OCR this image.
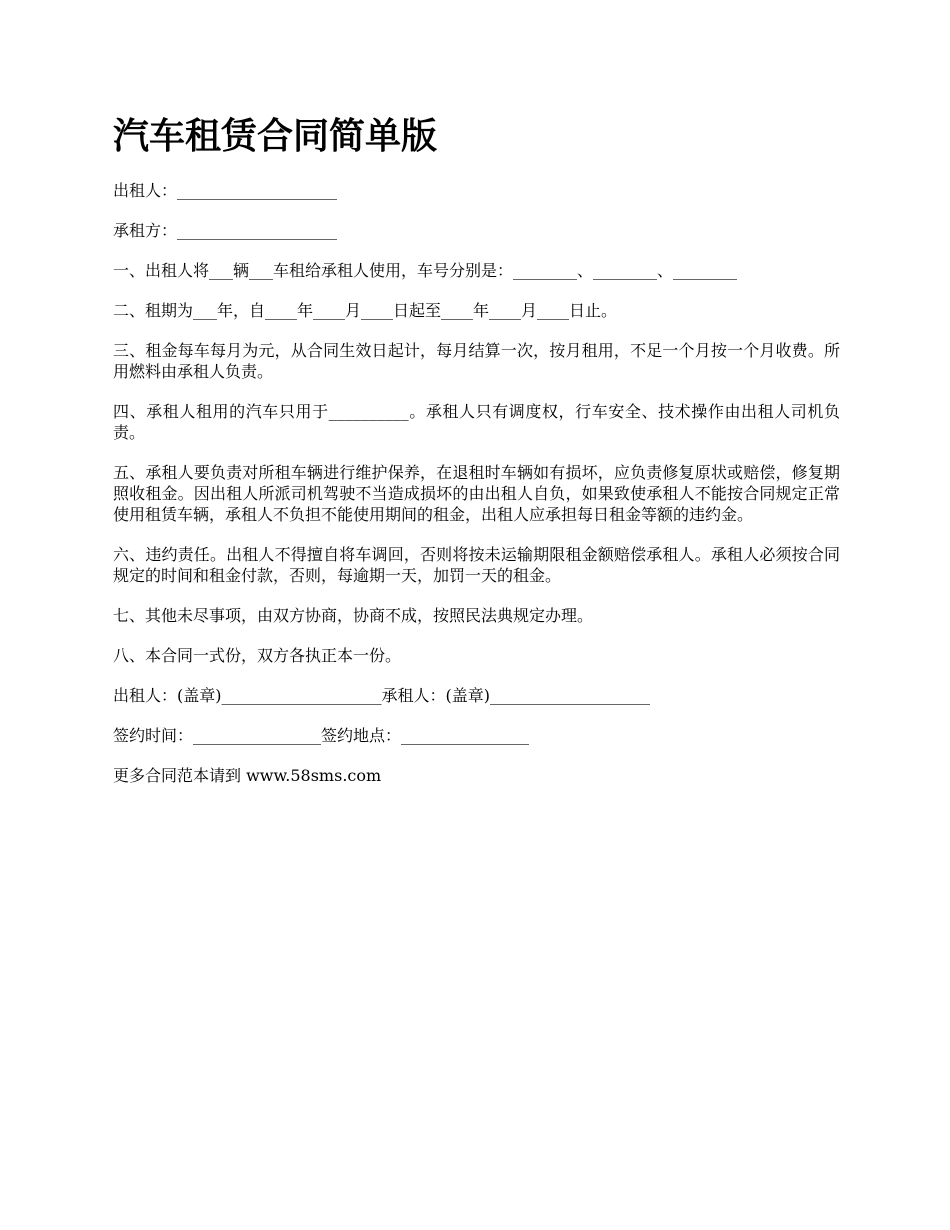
汽车租赁合同简单版

出租人：____________________

承租方：____________________

一、出租人将___辆___车租给承租人使用，车号分别是：________、________、________

二、租期为___年，自____年____月____日起至____年____月____日止。

三、租金每车每月为元，从合同生效日起计，每月结算一次，按月租用，不足一个月按一个月收费。所用燃料由承租人负责。

四、承租人租用的汽车只用于__________。承租人只有调度权，行车安全、技术操作由出租人司机负责。

五、承租人要负责对所租车辆进行维护保养，在退租时车辆如有损坏，应负责修复原状或赔偿，修复期照收租金。因出租人所派司机驾驶不当造成损坏的由出租人自负，如果致使承租人不能按合同规定正常使用租赁车辆，承租人不负担不能使用期间的租金，出租人应承担每日租金等额的违约金。

六、违约责任。出租人不得擅自将车调回，否则将按未运输期限租金额赔偿承租人。承租人必须按合同规定的时间和租金付款，否则，每逾期一天，加罚一天的租金。

七、其他未尽事项，由双方协商，协商不成，按照民法典规定办理。

八、本合同一式份，双方各执正本一份。

出租人：(盖章)____________________承租人：(盖章)____________________

签约时间：________________签约地点：________________

更多合同范本请到 www.58sms.com
